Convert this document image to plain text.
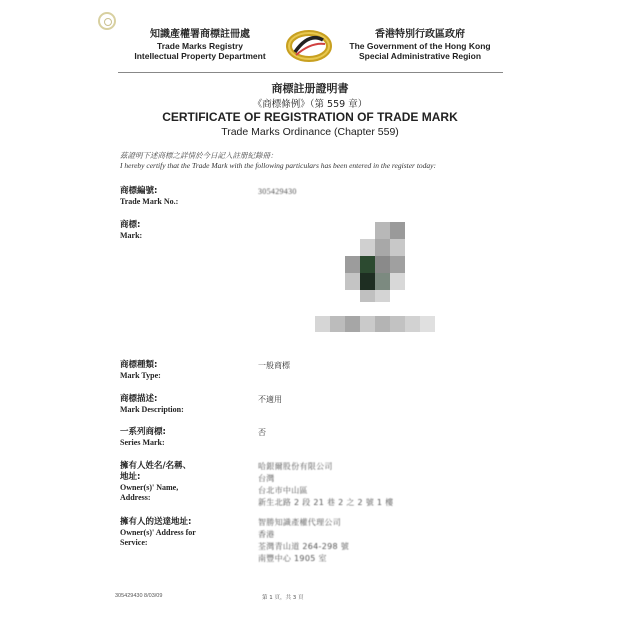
知識產權署商標註冊處
Trade Marks Registry
Intellectual Property Department
香港特別行政區政府
The Government of the Hong Kong
Special Administrative Region
商標註册證明書
《商標條例》（第 559 章）
CERTIFICATE OF REGISTRATION OF TRADE MARK
Trade Marks Ordinance (Chapter 559)
茲證明下述商標之詳情於今日記入註册紀錄冊：
I hereby certify that the Trade Mark with the following particulars has been entered in the register today:
商標編號:
Trade Mark No.:
305429430
商標:
Mark:
商標種類:
Mark Type:
一般商標
商標描述:
Mark Description:
不適用
一系列商標:
Series Mark:
否
擁有人姓名/名稱、
地址:
Owner(s)' Name,
Address:
哈銀爾股份有限公司
台灣
台北市中山區
新生北路 2 段 21 巷 2 之 2 號 1 樓
擁有人的送達地址:
Owner(s)' Address for
Service:
智勝知識產權代理公司
香港
荃灣青山道 264-298 號
南豐中心 1905 室
305429430 8/03/09	第 1 頁，共 3 頁
